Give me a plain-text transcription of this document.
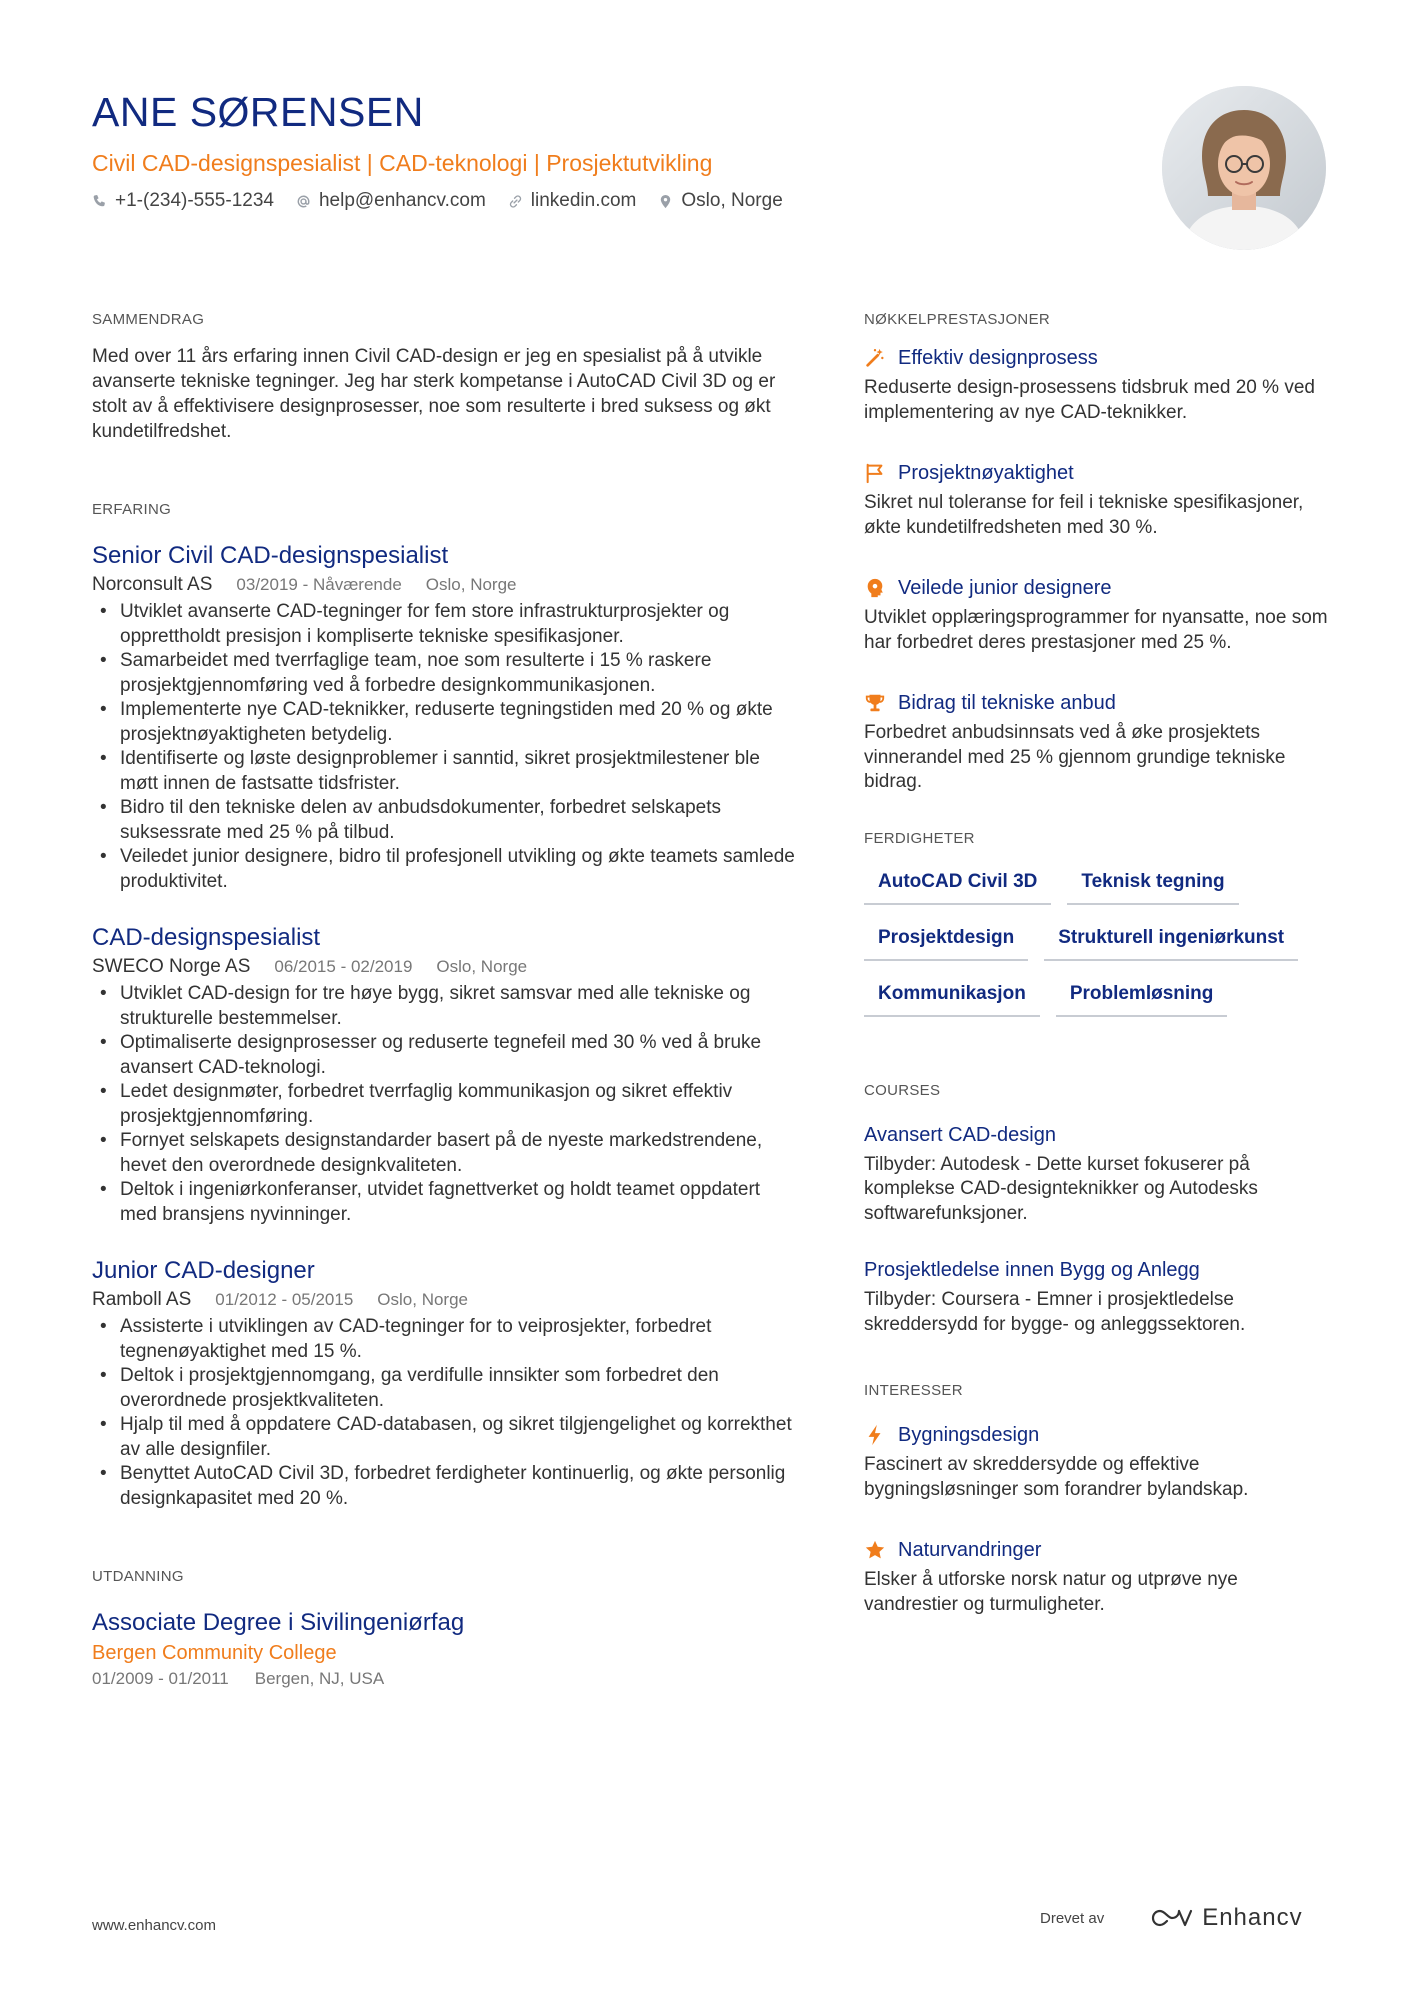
ANE SØRENSEN
Civil CAD-designspesialist | CAD-teknologi | Prosjektutvikling
+1-(234)-555-1234 help@enhancv.com linkedin.com Oslo, Norge
SAMMENDRAG

Med over 11 års erfaring innen Civil CAD-design er jeg en spesialist på å utvikle avanserte tekniske tegninger. Jeg har sterk kompetanse i AutoCAD Civil 3D og er stolt av å effektivisere designprosesser, noe som resulterte i bred suksess og økt kundetilfredshet.

ERFARING
Senior Civil CAD-designspesialist
Norconsult AS 03/2019 - Nåværende Oslo, Norge
• Utviklet avanserte CAD-tegninger for fem store infrastrukturprosjekter og opprettholdt presisjon i kompliserte tekniske spesifikasjoner.
• Samarbeidet med tverrfaglige team, noe som resulterte i 15 % raskere prosjektgjennomføring ved å forbedre designkommunikasjonen.
• Implementerte nye CAD-teknikker, reduserte tegningstiden med 20 % og økte prosjektnøyaktigheten betydelig.
• Identifiserte og løste designproblemer i sanntid, sikret prosjektmilestener ble møtt innen de fastsatte tidsfrister.
• Bidro til den tekniske delen av anbudsdokumenter, forbedret selskapets suksessrate med 25 % på tilbud.
• Veiledet junior designere, bidro til profesjonell utvikling og økte teamets samlede produktivitet.
CAD-designspesialist
SWECO Norge AS 06/2015 - 02/2019 Oslo, Norge
• Utviklet CAD-design for tre høye bygg, sikret samsvar med alle tekniske og strukturelle bestemmelser.
• Optimaliserte designprosesser og reduserte tegnefeil med 30 % ved å bruke avansert CAD-teknologi.
• Ledet designmøter, forbedret tverrfaglig kommunikasjon og sikret effektiv prosjektgjennomføring.
• Fornyet selskapets designstandarder basert på de nyeste markedstrendene, hevet den overordnede designkvaliteten.
• Deltok i ingeniørkonferanser, utvidet fagnettverket og holdt teamet oppdatert med bransjens nyvinninger.
Junior CAD-designer
Ramboll AS 01/2012 - 05/2015 Oslo, Norge
• Assisterte i utviklingen av CAD-tegninger for to veiprosjekter, forbedret tegnenøyaktighet med 15 %.
• Deltok i prosjektgjennomgang, ga verdifulle innsikter som forbedret den overordnede prosjektkvaliteten.
• Hjalp til med å oppdatere CAD-databasen, og sikret tilgjengelighet og korrekthet av alle designfiler.
• Benyttet AutoCAD Civil 3D, forbedret ferdigheter kontinuerlig, og økte personlig designkapasitet med 20 %.
UTDANNING
Associate Degree i Sivilingeniørfag
Bergen Community College
01/2009 - 01/2011 Bergen, NJ, USA
NØKKELPRESTASJONER
Effektiv designprosess
Reduserte design-prosessens tidsbruk med 20 % ved implementering av nye CAD-teknikker.
Prosjektnøyaktighet
Sikret nul toleranse for feil i tekniske spesifikasjoner, økte kundetilfredsheten med 30 %.
Veilede junior designere
Utviklet opplæringsprogrammer for nyansatte, noe som har forbedret deres prestasjoner med 25 %.
Bidrag til tekniske anbud
Forbedret anbudsinnsats ved å øke prosjektets vinnerandel med 25 % gjennom grundige tekniske bidrag.
FERDIGHETER
AutoCAD Civil 3D	Teknisk tegning
Prosjektdesign	Strukturell ingeniørkunst
Kommunikasjon	Problemløsning
COURSES
Avansert CAD-design
Tilbyder: Autodesk - Dette kurset fokuserer på komplekse CAD-designteknikker og Autodesks softwarefunksjoner.
Prosjektledelse innen Bygg og Anlegg
Tilbyder: Coursera - Emner i prosjektledelse skreddersydd for bygge- og anleggssektoren.
INTERESSER
Bygningsdesign
Fascinert av skreddersydde og effektive bygningsløsninger som forandrer bylandskap.
Naturvandringer
Elsker å utforske norsk natur og utprøve nye vandrestier og turmuligheter.
www.enhancv.com	Drevet av	Enhancv
